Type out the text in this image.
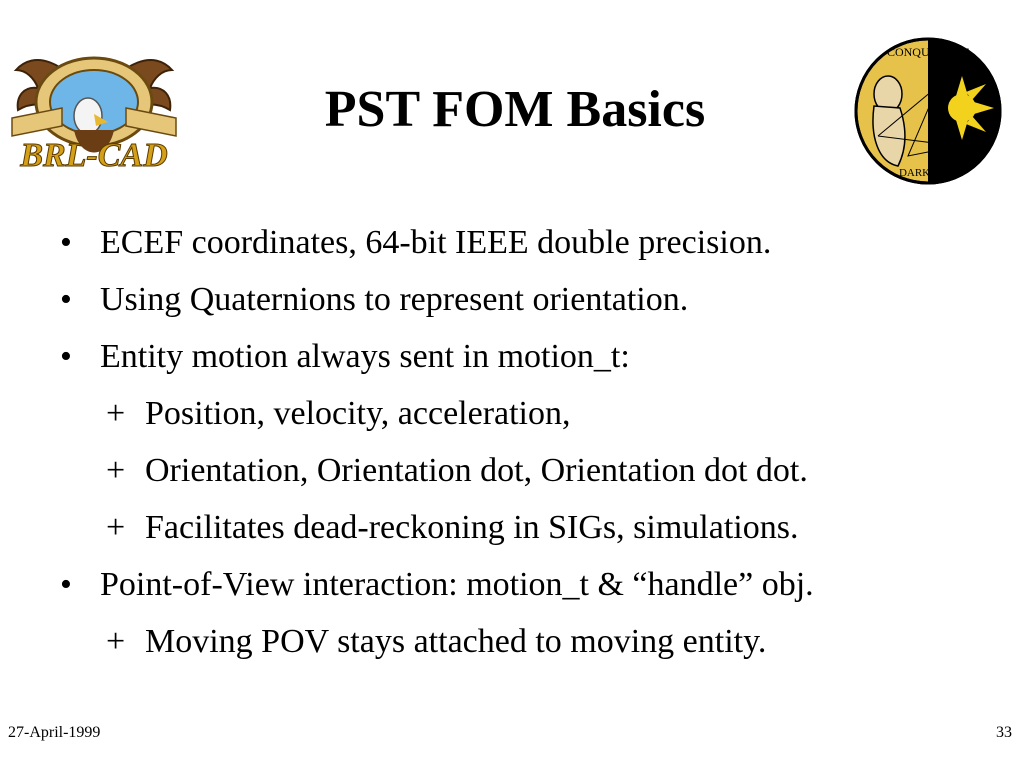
BRL-CAD
PST FOM Basics
CONQUEST OF
DARKNESS
• ECEF coordinates, 64-bit IEEE double precision.
• Using Quaternions to represent orientation.
• Entity motion always sent in motion_t:
+ Position, velocity, acceleration,
+ Orientation, Orientation dot, Orientation dot dot.
+ Facilitates dead-reckoning in SIGs, simulations.
• Point-of-View interaction: motion_t & “handle” obj.
+ Moving POV stays attached to moving entity.
27-April-1999	33
